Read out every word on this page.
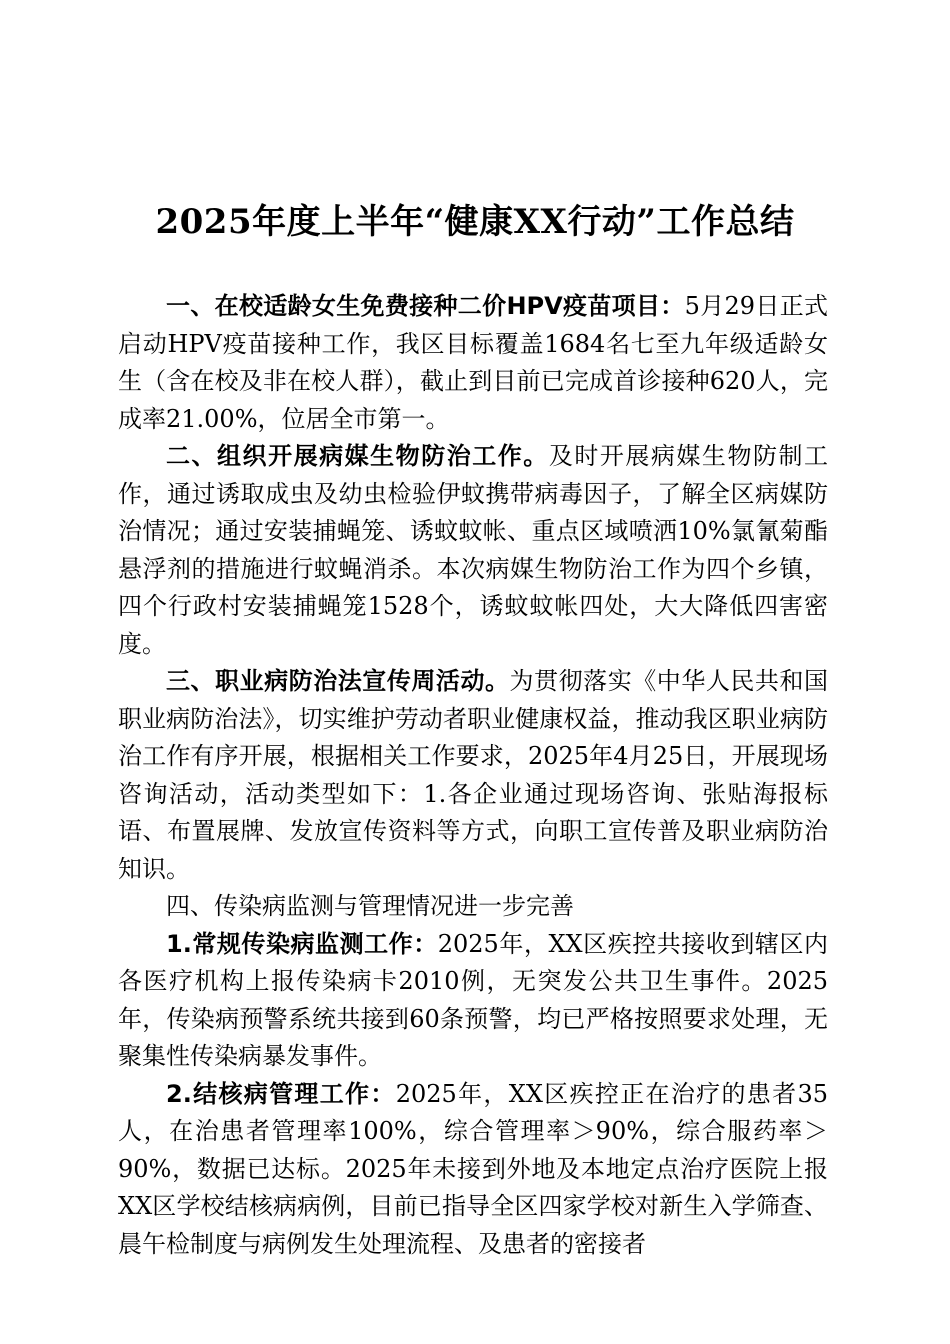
2025年度上半年“健康XX行动”工作总结

一、在校适龄女生免费接种二价HPV疫苗项目：5月29日正式启动HPV疫苗接种工作，我区目标覆盖1684名七至九年级适龄女生（含在校及非在校人群），截止到目前已完成首诊接种620人，完成率21.00%，位居全市第一。

二、组织开展病媒生物防治工作。及时开展病媒生物防制工作，通过诱取成虫及幼虫检验伊蚊携带病毒因子，了解全区病媒防治情况；通过安装捕蝇笼、诱蚊蚊帐、重点区域喷洒10%氯氰菊酯悬浮剂的措施进行蚊蝇消杀。本次病媒生物防治工作为四个乡镇，四个行政村安装捕蝇笼1528个，诱蚊蚊帐四处，大大降低四害密度。

三、职业病防治法宣传周活动。为贯彻落实《中华人民共和国职业病防治法》，切实维护劳动者职业健康权益，推动我区职业病防治工作有序开展，根据相关工作要求，2025年4月25日，开展现场咨询活动，活动类型如下：1.各企业通过现场咨询、张贴海报标语、布置展牌、发放宣传资料等方式，向职工宣传普及职业病防治知识。

四、传染病监测与管理情况进一步完善

1.常规传染病监测工作：2025年，XX区疾控共接收到辖区内各医疗机构上报传染病卡2010例，无突发公共卫生事件。2025年，传染病预警系统共接到60条预警，均已严格按照要求处理，无聚集性传染病暴发事件。

2.结核病管理工作：2025年，XX区疾控正在治疗的患者35人，在治患者管理率100%，综合管理率＞90%，综合服药率＞90%，数据已达标。2025年未接到外地及本地定点治疗医院上报XX区学校结核病病例，目前已指导全区四家学校对新生入学筛查、晨午检制度与病例发生处理流程、及患者的密接者
